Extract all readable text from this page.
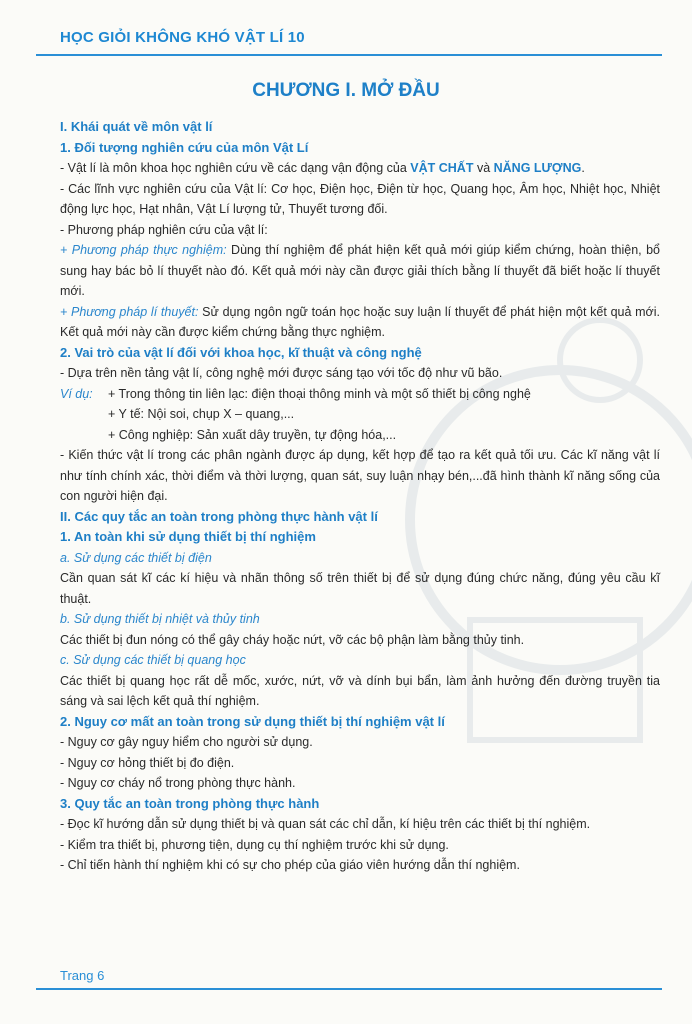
HỌC GIỎI KHÔNG KHÓ VẬT LÍ 10
CHƯƠNG I. MỞ ĐẦU

I. Khái quát về môn vật lí

1. Đối tượng nghiên cứu của môn Vật Lí

- Vật lí là môn khoa học nghiên cứu về các dạng vận động của VẬT CHẤT và NĂNG LƯỢNG.

- Các lĩnh vực nghiên cứu của Vật lí: Cơ học, Điện học, Điện từ học, Quang học, Âm học, Nhiệt học, Nhiệt động lực học, Hạt nhân, Vật Lí lượng tử, Thuyết tương đối.

- Phương pháp nghiên cứu của vật lí:

+ Phương pháp thực nghiệm: Dùng thí nghiệm để phát hiện kết quả mới giúp kiểm chứng, hoàn thiện, bổ sung hay bác bỏ lí thuyết nào đó. Kết quả mới này cần được giải thích bằng lí thuyết đã biết hoặc lí thuyết mới.

+ Phương pháp lí thuyết: Sử dụng ngôn ngữ toán học hoặc suy luận lí thuyết để phát hiện một kết quả mới. Kết quả mới này cần được kiểm chứng bằng thực nghiệm.

2. Vai trò của vật lí đối với khoa học, kĩ thuật và công nghệ

- Dựa trên nền tảng vật lí, công nghệ mới được sáng tạo với tốc độ như vũ bão.

Ví dụ:	+ Trong thông tin liên lạc: điện thoại thông minh và một số thiết bị công nghệ
+ Y tế: Nội soi, chụp X – quang,...
+ Công nghiệp: Sản xuất dây truyền, tự động hóa,...

- Kiến thức vật lí trong các phân ngành được áp dụng, kết hợp để tạo ra kết quả tối ưu. Các kĩ năng vật lí như tính chính xác, thời điểm và thời lượng, quan sát, suy luận nhạy bén,...đã hình thành kĩ năng sống của con người hiện đại.

II. Các quy tắc an toàn trong phòng thực hành vật lí

1. An toàn khi sử dụng thiết bị thí nghiệm

a. Sử dụng các thiết bị điện

Cần quan sát kĩ các kí hiệu và nhãn thông số trên thiết bị để sử dụng đúng chức năng, đúng yêu cầu kĩ thuật.

b. Sử dụng thiết bị nhiệt và thủy tinh

Các thiết bị đun nóng có thể gây cháy hoặc nứt, vỡ các bộ phận làm bằng thủy tinh.

c. Sử dụng các thiết bị quang học

Các thiết bị quang học rất dễ mốc, xước, nứt, vỡ và dính bụi bẩn, làm ảnh hưởng đến đường truyền tia sáng và sai lệch kết quả thí nghiệm.

2. Nguy cơ mất an toàn trong sử dụng thiết bị thí nghiệm vật lí

- Nguy cơ gây nguy hiểm cho người sử dụng.

- Nguy cơ hỏng thiết bị đo điện.

- Nguy cơ cháy nổ trong phòng thực hành.

3. Quy tắc an toàn trong phòng thực hành

- Đọc kĩ hướng dẫn sử dụng thiết bị và quan sát các chỉ dẫn, kí hiệu trên các thiết bị thí nghiệm.

- Kiểm tra thiết bị, phương tiện, dụng cụ thí nghiệm trước khi sử dụng.

- Chỉ tiến hành thí nghiệm khi có sự cho phép của giáo viên hướng dẫn thí nghiệm.

Trang 6
